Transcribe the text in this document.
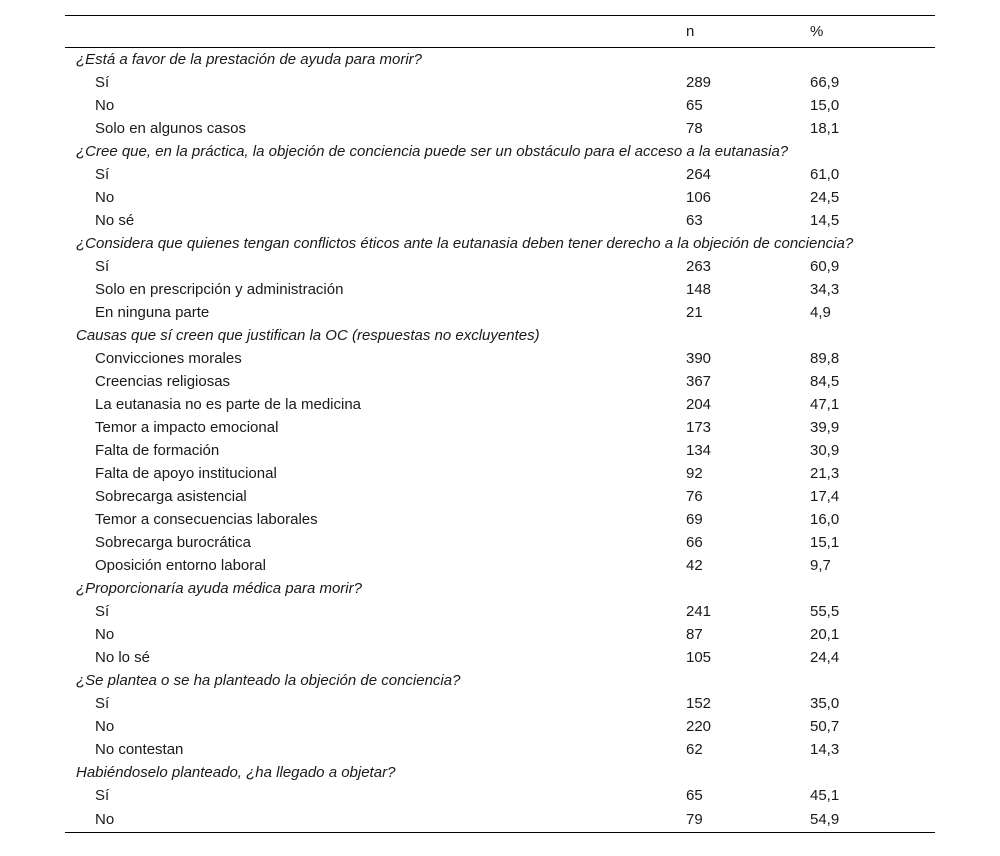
	n	%
¿Está a favor de la prestación de ayuda para morir?		
Sí	289	66,9
No	65	15,0
Solo en algunos casos	78	18,1
¿Cree que, en la práctica, la objeción de conciencia puede ser un obstáculo para el acceso a la eutanasia?		
Sí	264	61,0
No	106	24,5
No sé	63	14,5
¿Considera que quienes tengan conflictos éticos ante la eutanasia deben tener derecho a la objeción de conciencia?		
Sí	263	60,9
Solo en prescripción y administración	148	34,3
En ninguna parte	21	4,9
Causas que sí creen que justifican la OC (respuestas no excluyentes)		
Convicciones morales	390	89,8
Creencias religiosas	367	84,5
La eutanasia no es parte de la medicina	204	47,1
Temor a impacto emocional	173	39,9
Falta de formación	134	30,9
Falta de apoyo institucional	92	21,3
Sobrecarga asistencial	76	17,4
Temor a consecuencias laborales	69	16,0
Sobrecarga burocrática	66	15,1
Oposición entorno laboral	42	9,7
¿Proporcionaría ayuda médica para morir?		
Sí	241	55,5
No	87	20,1
No lo sé	105	24,4
¿Se plantea o se ha planteado la objeción de conciencia?		
Sí	152	35,0
No	220	50,7
No contestan	62	14,3
Habiéndoselo planteado, ¿ha llegado a objetar?		
Sí	65	45,1
No	79	54,9
